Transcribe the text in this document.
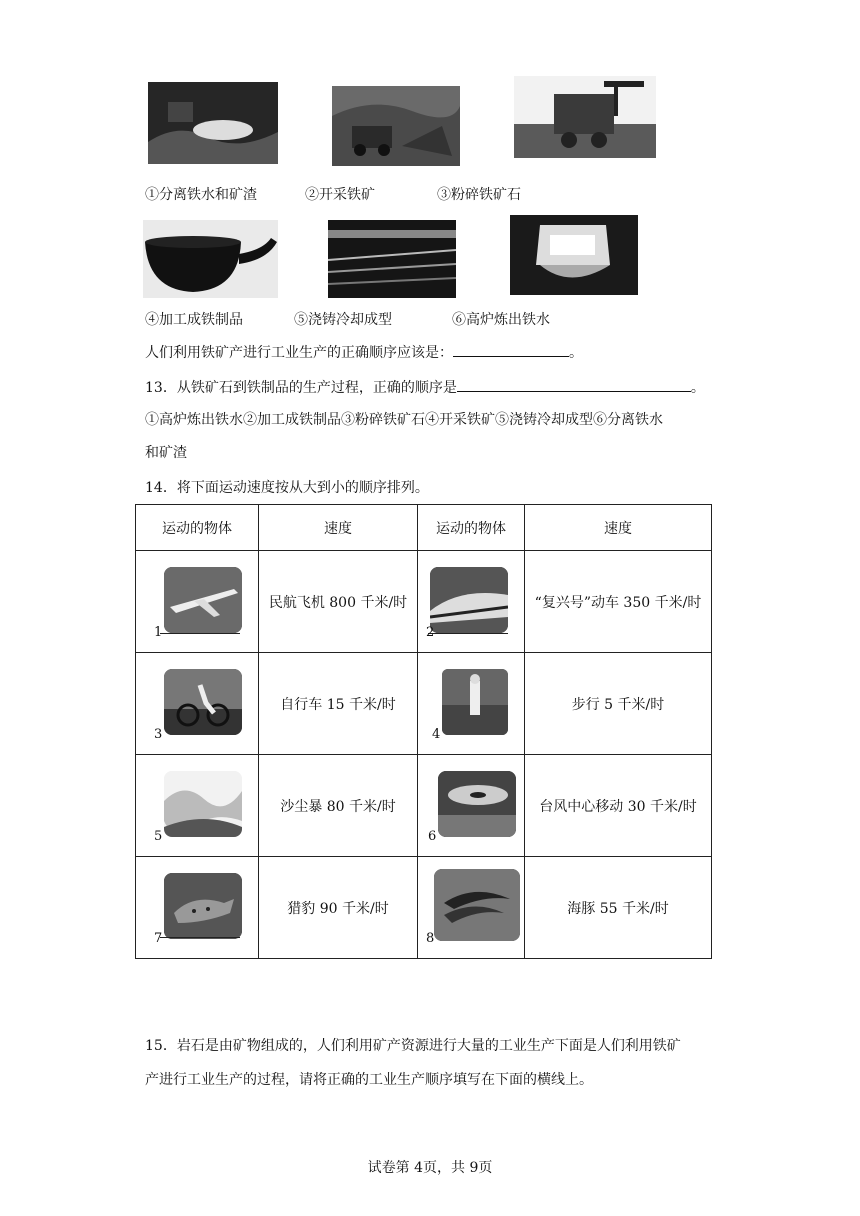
①分离铁水和矿渣	②开采铁矿	③粉碎铁矿石
④加工成铁制品	⑤浇铸冷却成型	⑥高炉炼出铁水
人们利用铁矿产进行工业生产的正确顺序应该是：	。
13．从铁矿石到铁制品的生产过程，正确的顺序是	。
①高炉炼出铁水②加工成铁制品③粉碎铁矿石④开采铁矿⑤浇铸冷却成型⑥分离铁水
和矿渣
14．将下面运动速度按从大到小的顺序排列。
运动的物体	速度	运动的物体	速度

1	民航飞机 800 千米/时	2	“复兴号”动车 350 千米/时

3	自行车 15 千米/时	4	步行 5 千米/时

5	沙尘暴 80 千米/时	6	台风中心移动 30 千米/时

7	猎豹 90 千米/时	8	海豚 55 千米/时
15．岩石是由矿物组成的，人们利用矿产资源进行大量的工业生产下面是人们利用铁矿
产进行工业生产的过程，请将正确的工业生产顺序填写在下面的横线上。
试卷第 4页，共 9页
